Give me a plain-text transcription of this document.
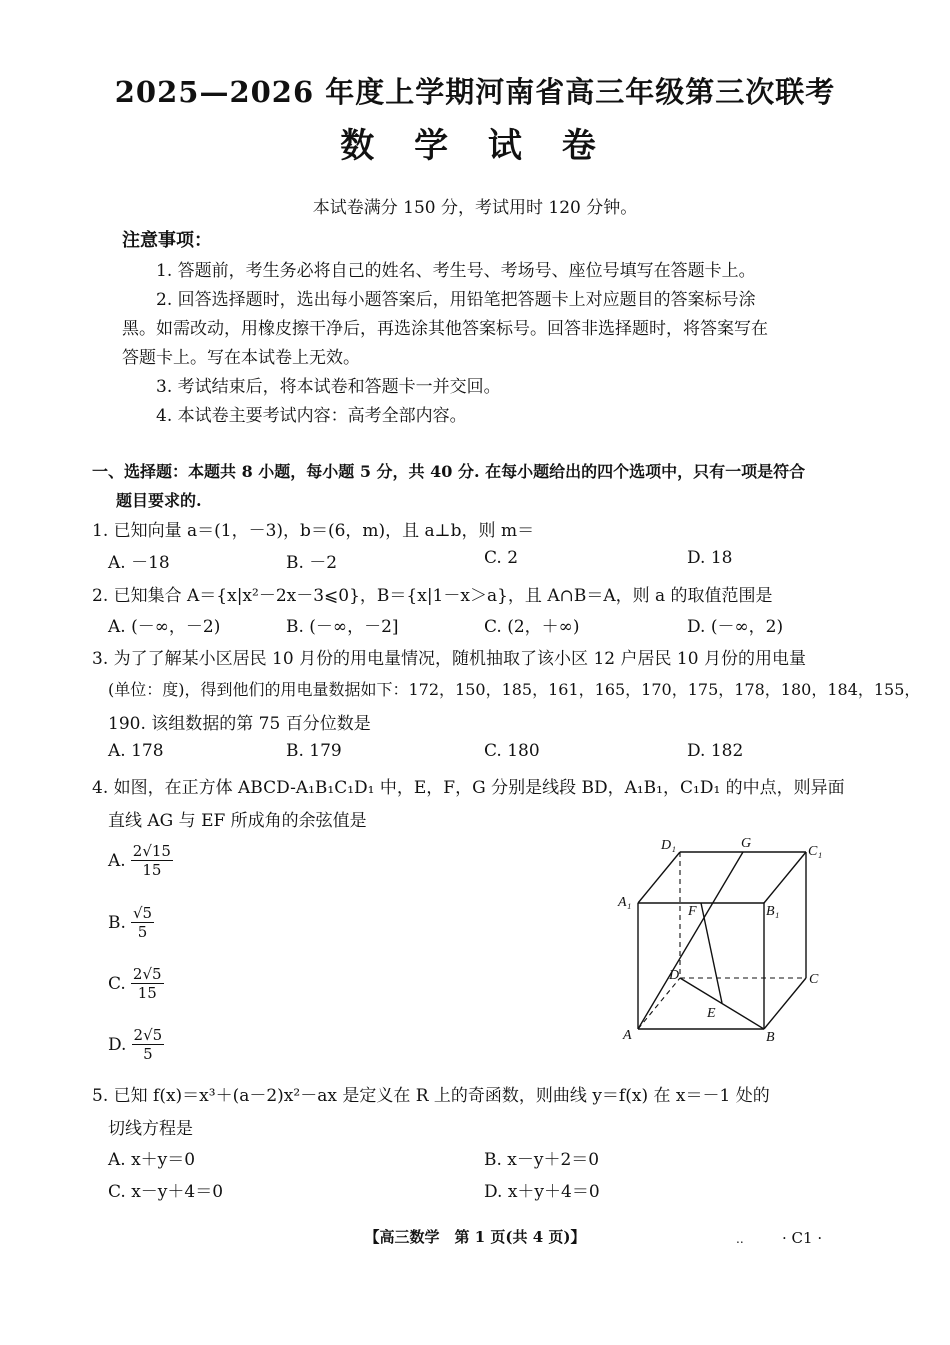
2025—2026 年度上学期河南省高三年级第三次联考
数 学 试 卷
本试卷满分 150 分，考试用时 120 分钟。
注意事项：
1. 答题前，考生务必将自己的姓名、考生号、考场号、座位号填写在答题卡上。
2. 回答选择题时，选出每小题答案后，用铅笔把答题卡上对应题目的答案标号涂
黑。如需改动，用橡皮擦干净后，再选涂其他答案标号。回答非选择题时，将答案写在
答题卡上。写在本试卷上无效。
3. 考试结束后，将本试卷和答题卡一并交回。
4. 本试卷主要考试内容：高考全部内容。
一、选择题：本题共 8 小题，每小题 5 分，共 40 分. 在每小题给出的四个选项中，只有一项是符合
题目要求的.
1. 已知向量 a＝(1，－3)，b＝(6，m)，且 a⊥b，则 m＝
A. －18	B. －2	C. 2	D. 18
2. 已知集合 A＝{x|x²－2x－3⩽0}，B＝{x|1－x＞a}，且 A∩B＝A，则 a 的取值范围是
A. (－∞，－2)	B. (－∞，－2]	C. (2，＋∞)	D. (－∞，2)
3. 为了了解某小区居民 10 月份的用电量情况，随机抽取了该小区 12 户居民 10 月份的用电量
(单位：度)，得到他们的用电量数据如下：172，150，185，161，165，170，175，178，180，184，155，
190. 该组数据的第 75 百分位数是
A. 178	B. 179	C. 180	D. 182
4. 如图，在正方体 ABCD-A₁B₁C₁D₁ 中，E，F，G 分别是线段 BD，A₁B₁，C₁D₁ 的中点，则异面
直线 AG 与 EF 所成角的余弦值是
A. $\frac{2√15}{15}$
B. $\frac{√5}{5}$
C. $\frac{2√5}{15}$
D. $\frac{2√5}{5}$
D₁	G
C₁
A₁
F	B₁
D	C
E
A	B
5. 已知 f(x)＝x³＋(a－2)x²－ax 是定义在 R 上的奇函数，则曲线 y＝f(x) 在 x＝－1 处的
切线方程是
A. x＋y＝0	B. x－y＋2＝0
C. x－y＋4＝0	D. x＋y＋4＝0
【高三数学　第 1 页(共 4 页)】	..	· C1 ·
